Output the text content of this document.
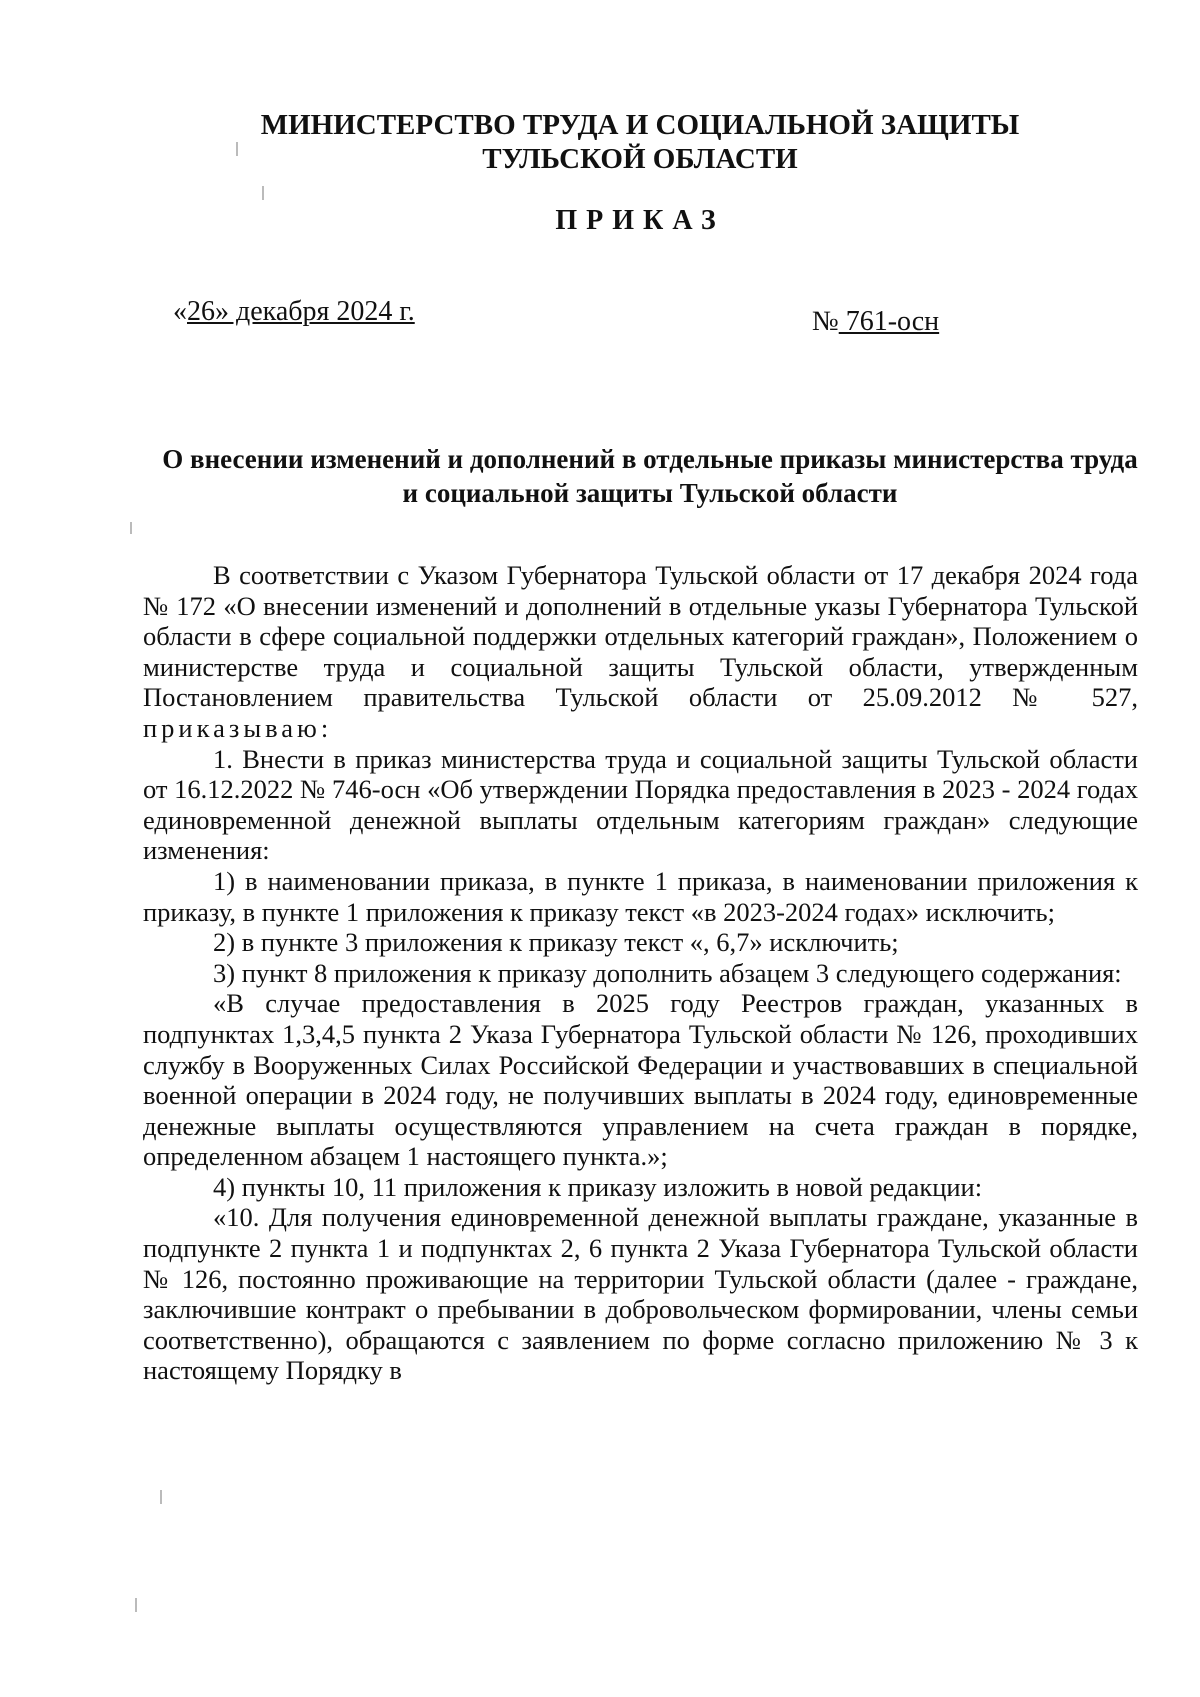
МИНИСТЕРСТВО ТРУДА И СОЦИАЛЬНОЙ ЗАЩИТЫ
ТУЛЬСКОЙ ОБЛАСТИ
ПРИКАЗ
«26» декабря 2024 г.	№ 761-осн
О внесении изменений и дополнений в отдельные приказы министерства труда и социальной защиты Тульской области

В соответствии с Указом Губернатора Тульской области от 17 декабря 2024 года № 172 «О внесении изменений и дополнений в отдельные указы Губернатора Тульской области в сфере социальной поддержки отдельных категорий граждан», Положением о министерстве труда и социальной защиты Тульской области, утвержденным Постановлением правительства Тульской области от 25.09.2012 № 527, приказываю:

1. Внести в приказ министерства труда и социальной защиты Тульской области от 16.12.2022 № 746-осн «Об утверждении Порядка предоставления в 2023 - 2024 годах единовременной денежной выплаты отдельным категориям граждан» следующие изменения:

1) в наименовании приказа, в пункте 1 приказа, в наименовании приложения к приказу, в пункте 1 приложения к приказу текст «в 2023-2024 годах» исключить;

2) в пункте 3 приложения к приказу текст «, 6,7» исключить;

3) пункт 8 приложения к приказу дополнить абзацем 3 следующего содержания:

«В случае предоставления в 2025 году Реестров граждан, указанных в подпунктах 1,3,4,5 пункта 2 Указа Губернатора Тульской области № 126, проходивших службу в Вооруженных Силах Российской Федерации и участвовавших в специальной военной операции в 2024 году, не получивших выплаты в 2024 году, единовременные денежные выплаты осуществляются управлением на счета граждан в порядке, определенном абзацем 1 настоящего пункта.»;

4) пункты 10, 11 приложения к приказу изложить в новой редакции:

«10. Для получения единовременной денежной выплаты граждане, указанные в подпункте 2 пункта 1 и подпунктах 2, 6 пункта 2 Указа Губернатора Тульской области № 126, постоянно проживающие на территории Тульской области (далее - граждане, заключившие контракт о пребывании в добровольческом формировании, члены семьи соответственно), обращаются с заявлением по форме согласно приложению № 3 к настоящему Порядку в
